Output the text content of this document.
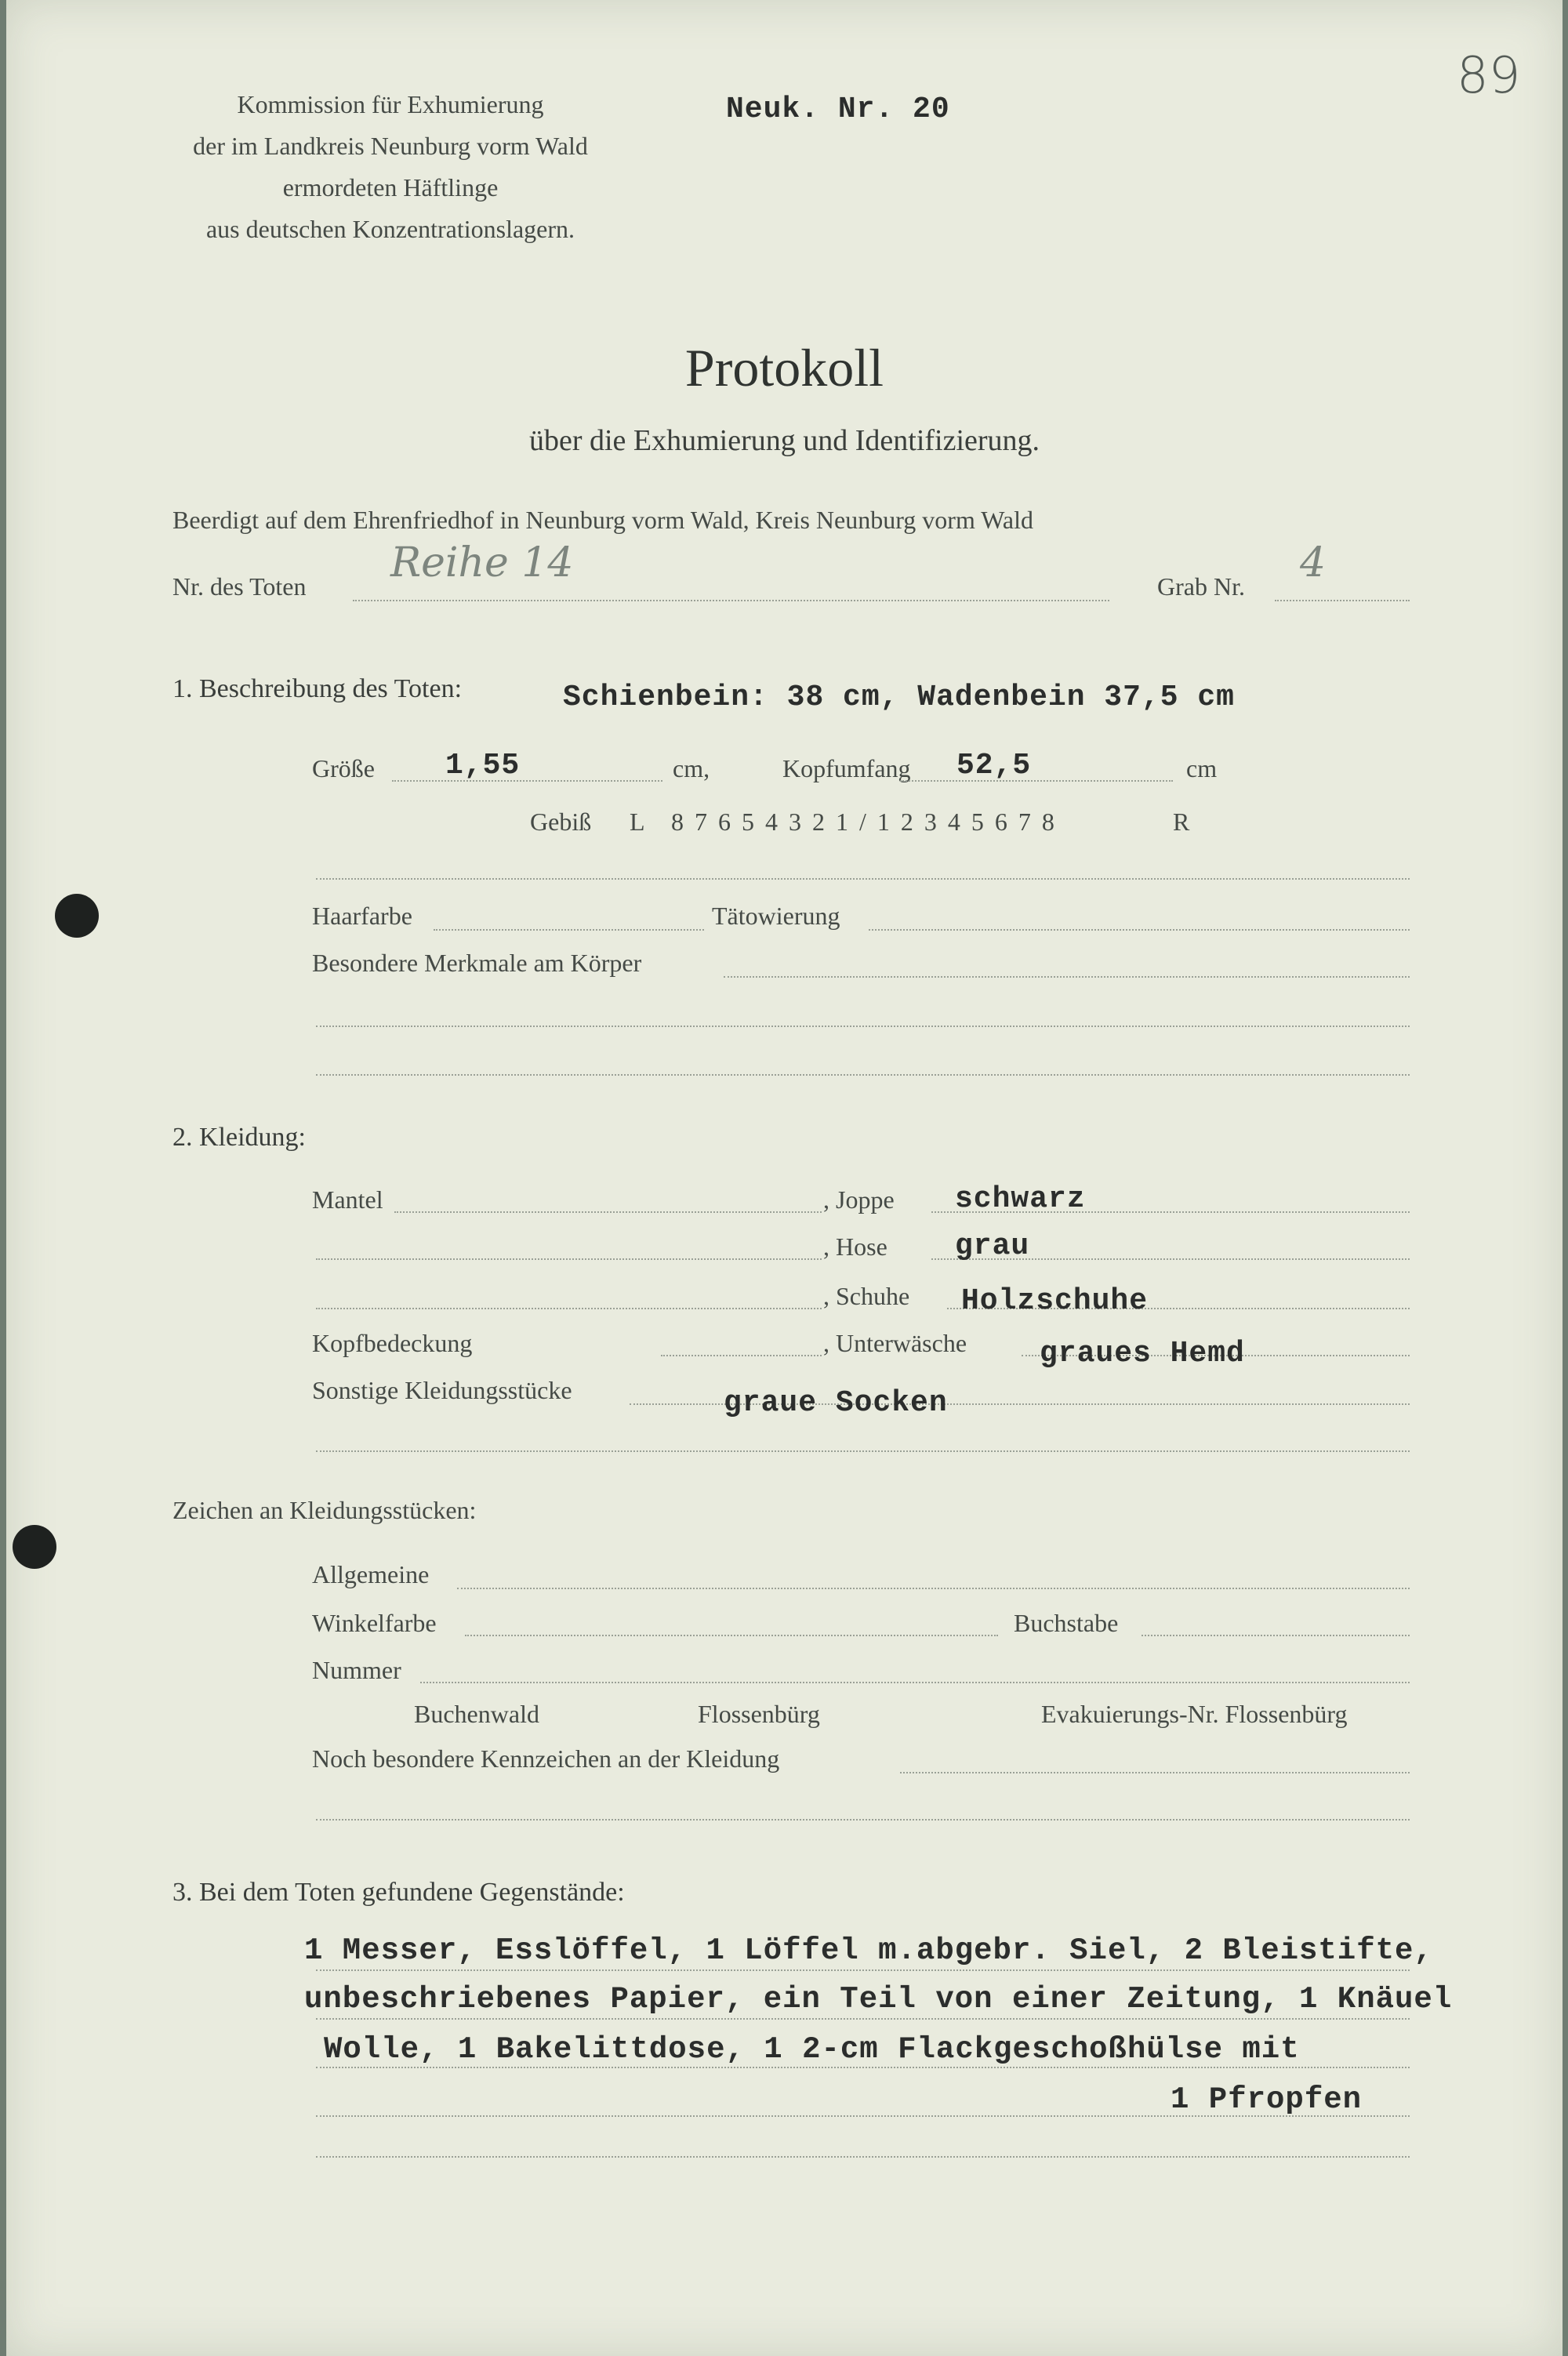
89
Kommission für Exhumierung
der im Landkreis Neunburg vorm Wald
ermordeten Häftlinge
aus deutschen Konzentrationslagern.
Neuk. Nr. 20
Protokoll
über die Exhumierung und Identifizierung.
Beerdigt auf dem Ehrenfriedhof in Neunburg vorm Wald, Kreis Neunburg vorm Wald
Nr. des Toten Reihe 14	Grab Nr. 4
1. Beschreibung des Toten:	Schienbein: 38 cm, Wadenbein 37,5 cm
Größe 1,55	cm,	Kopfumfang 52,5	cm
Gebiß L 8 7 6 5 4 3 2 1 / 1 2 3 4 5 6 7 8	R
Haarfarbe	Tätowierung
Besondere Merkmale am Körper
2. Kleidung:
Mantel	, Joppe schwarz
, Hose grau
, Schuhe Holzschuhe
Kopfbedeckung	, Unterwäsche graues Hemd
Sonstige Kleidungsstücke	graue Socken
Zeichen an Kleidungsstücken:
Allgemeine
Winkelfarbe	Buchstabe
Nummer
Buchenwald	Flossenbürg	Evakuierungs-Nr. Flossenbürg
Noch besondere Kennzeichen an der Kleidung
3. Bei dem Toten gefundene Gegenstände:
1 Messer, Esslöffel, 1 Löffel m.abgebr. Siel, 2 Bleistifte,
unbeschriebenes Papier, ein Teil von einer Zeitung, 1 Knäuel
Wolle, 1 Bakelittdose, 1 2-cm Flackgeschoßhülse mit
1 Pfropfen
